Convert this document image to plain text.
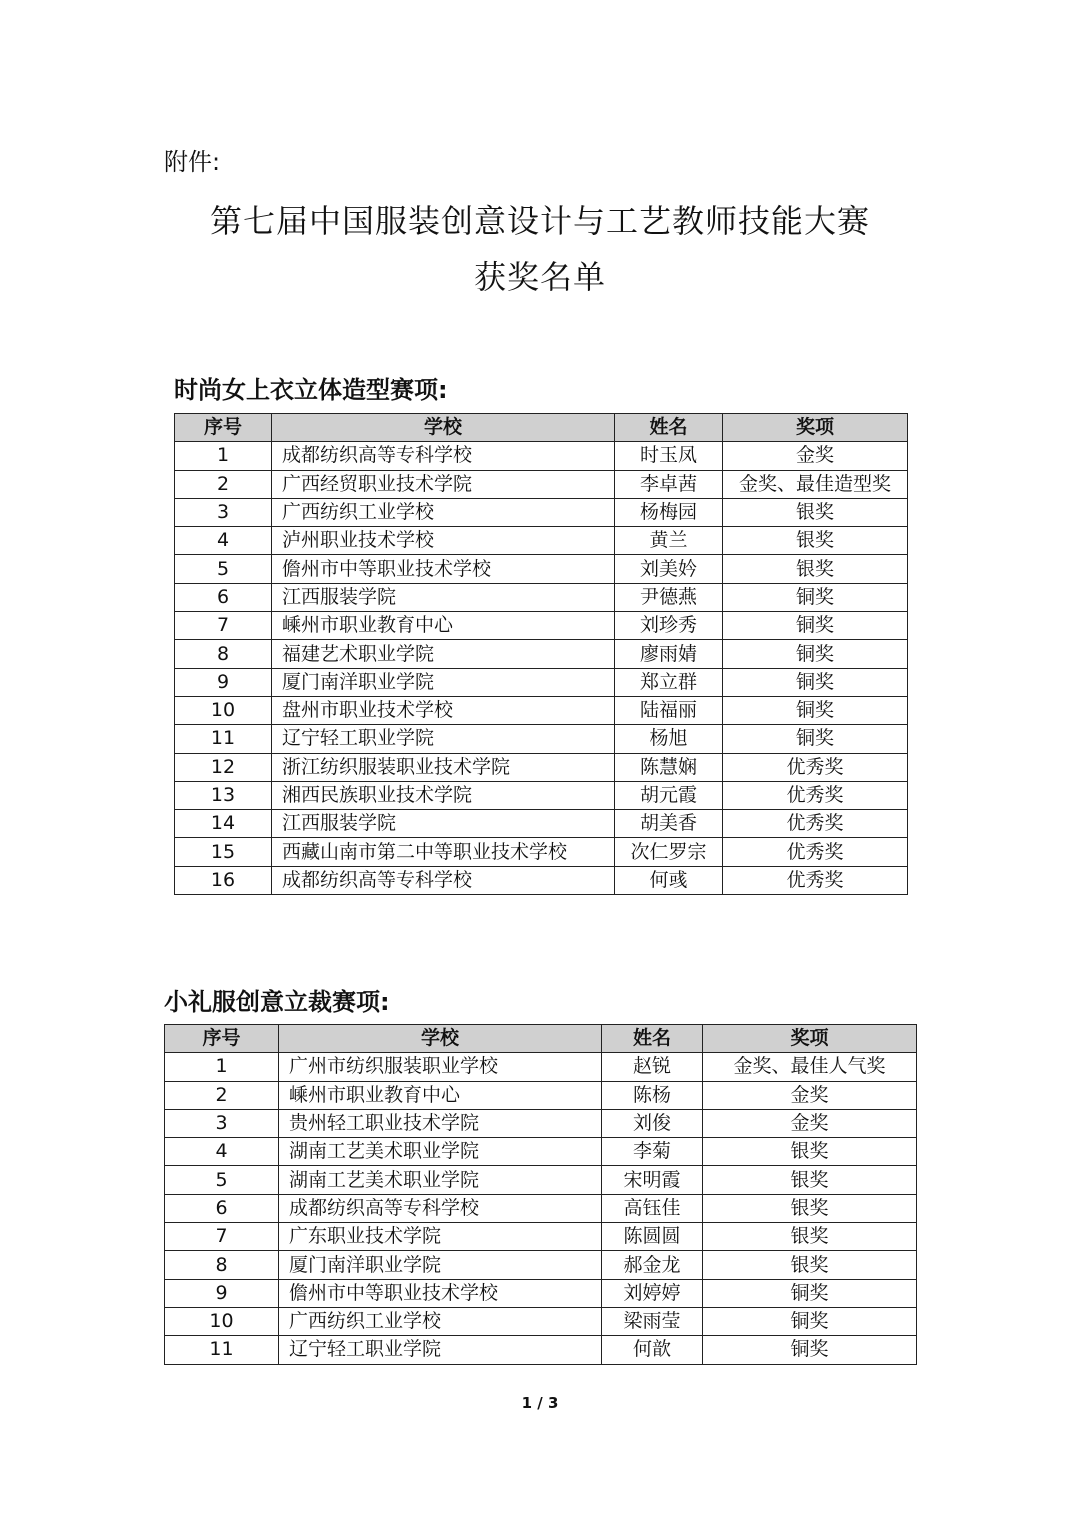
附件:
第七届中国服装创意设计与工艺教师技能大赛
获奖名单
时尚女上衣立体造型赛项:
序号	学校	姓名	奖项
1	成都纺织高等专科学校	时玉凤	金奖
2	广西经贸职业技术学院	李卓茜	金奖、最佳造型奖
3	广西纺织工业学校	杨梅园	银奖
4	泸州职业技术学校	黄兰	银奖
5	儋州市中等职业技术学校	刘美妗	银奖
6	江西服装学院	尹德燕	铜奖
7	嵊州市职业教育中心	刘珍秀	铜奖
8	福建艺术职业学院	廖雨婧	铜奖
9	厦门南洋职业学院	郑立群	铜奖
10	盘州市职业技术学校	陆福丽	铜奖
11	辽宁轻工职业学院	杨旭	铜奖
12	浙江纺织服装职业技术学院	陈慧娴	优秀奖
13	湘西民族职业技术学院	胡元霞	优秀奖
14	江西服装学院	胡美香	优秀奖
15	西藏山南市第二中等职业技术学校	次仁罗宗	优秀奖
16	成都纺织高等专科学校	何彧	优秀奖
小礼服创意立裁赛项:
序号	学校	姓名	奖项
1	广州市纺织服装职业学校	赵锐	金奖、最佳人气奖
2	嵊州市职业教育中心	陈杨	金奖
3	贵州轻工职业技术学院	刘俊	金奖
4	湖南工艺美术职业学院	李菊	银奖
5	湖南工艺美术职业学院	宋明霞	银奖
6	成都纺织高等专科学校	高钰佳	银奖
7	广东职业技术学院	陈圆圆	银奖
8	厦门南洋职业学院	郝金龙	银奖
9	儋州市中等职业技术学校	刘婷婷	铜奖
10	广西纺织工业学校	梁雨莹	铜奖
11	辽宁轻工职业学院	何歆	铜奖
1 / 3
